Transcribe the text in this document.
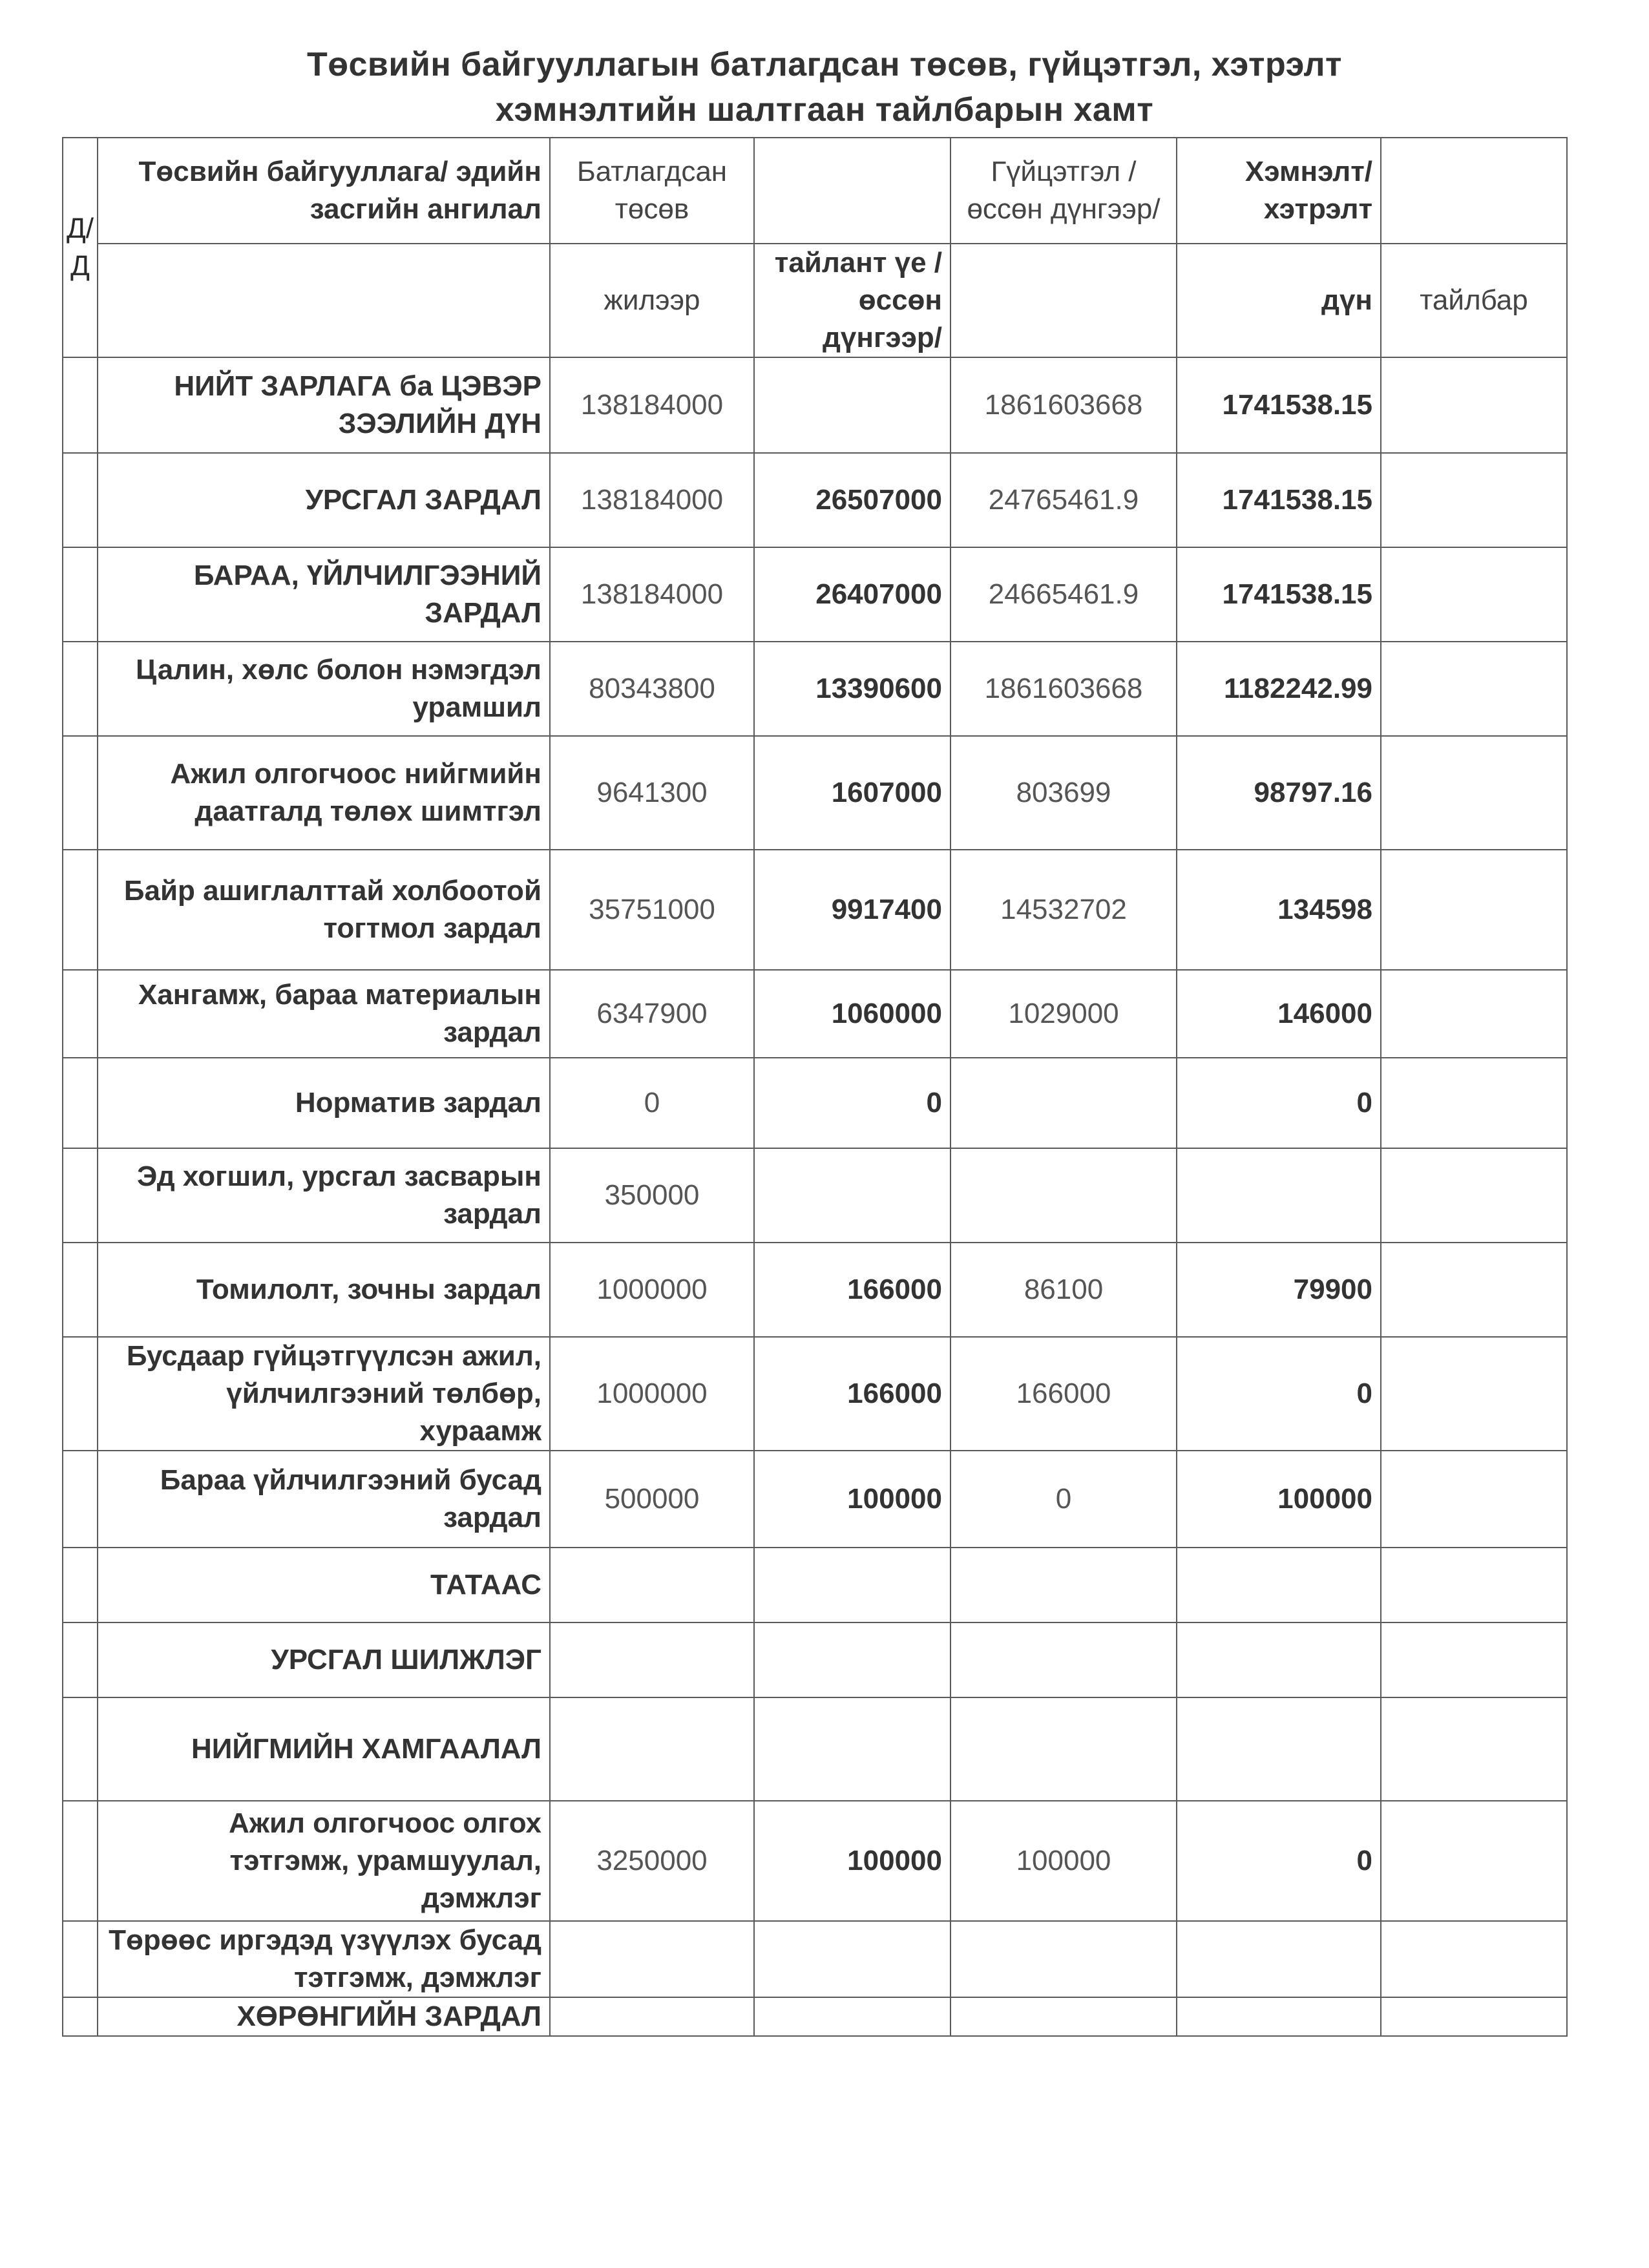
Төсвийн байгууллагын батлагдсан төсөв, гүйцэтгэл, хэтрэлт
хэмнэлтийн шалтгаан тайлбарын хамт
Д/Д	Төсвийн байгууллага/ эдийн засгийн ангилал	Батлагдсан төсөв		Гүйцэтгэл /өссөн дүнгээр/	Хэмнэлт/ хэтрэлт	
		жилээр	тайлант үе /өссөн дүнгээр/		дүн	тайлбар
	НИЙТ ЗАРЛАГА ба ЦЭВЭР ЗЭЭЛИЙН ДҮН	138184000		1861603668	1741538.15	
	УРСГАЛ ЗАРДАЛ	138184000	26507000	24765461.9	1741538.15	
	БАРАА, ҮЙЛЧИЛГЭЭНИЙ ЗАРДАЛ	138184000	26407000	24665461.9	1741538.15	
	Цалин, хөлс болон нэмэгдэл урамшил	80343800	13390600	1861603668	1182242.99	
	Ажил олгогчоос нийгмийн даатгалд төлөх шимтгэл	9641300	1607000	803699	98797.16	
	Байр ашиглалттай холбоотой тогтмол зардал	35751000	9917400	14532702	134598	
	Хангамж, бараа материалын зардал	6347900	1060000	1029000	146000	
	Норматив зардал	0	0		0	
	Эд хогшил, урсгал засварын зардал	350000				
	Томилолт, зочны зардал	1000000	166000	86100	79900	
	Бусдаар гүйцэтгүүлсэн ажил, үйлчилгээний төлбөр, хураамж	1000000	166000	166000	0	
	Бараа үйлчилгээний бусад зардал	500000	100000	0	100000	
	ТАТААС					
	УРСГАЛ ШИЛЖЛЭГ					
	НИЙГМИЙН ХАМГААЛАЛ					
	Ажил олгогчоос олгох тэтгэмж, урамшуулал, дэмжлэг	3250000	100000	100000	0	
	Төрөөс иргэдэд үзүүлэх бусад тэтгэмж, дэмжлэг					
	ХӨРӨНГИЙН ЗАРДАЛ					
